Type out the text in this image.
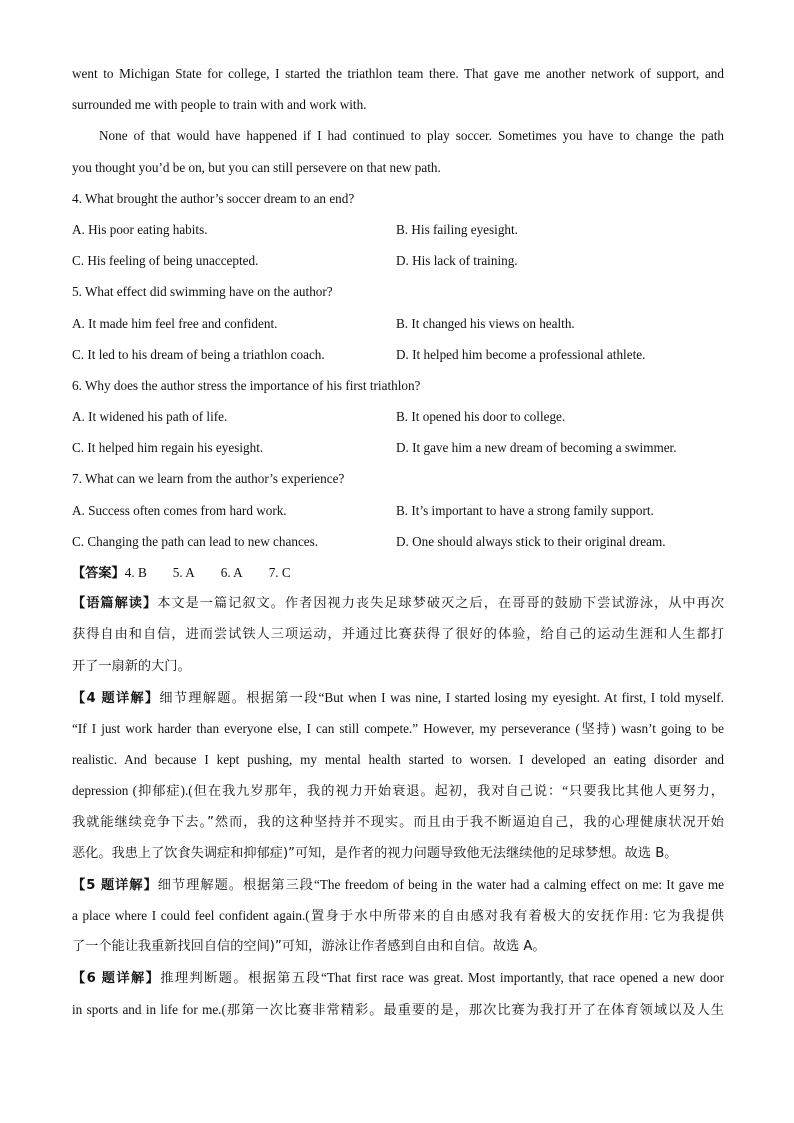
went to Michigan State for college, I started the triathlon team there. That gave me another network of support, and
surrounded me with people to train with and work with.
None of that would have happened if I had continued to play soccer. Sometimes you have to change the path
you thought you’d be on, but you can still persevere on that new path.
4. What brought the author’s soccer dream to an end?
A. His poor eating habits.	B. His failing eyesight.
C. His feeling of being unaccepted.	D. His lack of training.
5. What effect did swimming have on the author?
A. It made him feel free and confident.	B. It changed his views on health.
C. It led to his dream of being a triathlon coach.	D. It helped him become a professional athlete.
6. Why does the author stress the importance of his first triathlon?
A. It widened his path of life.	B. It opened his door to college.
C. It helped him regain his eyesight.	D. It gave him a new dream of becoming a swimmer.
7. What can we learn from the author’s experience?
A. Success often comes from hard work.	B. It’s important to have a strong family support.
C. Changing the path can lead to new chances.	D. One should always stick to their original dream.
【答案】4. B 5. A 6. A 7. C
【语篇解读】本文是一篇记叙文。作者因视力丧失足球梦破灭之后，在哥哥的鼓励下尝试游泳，从中再次
获得自由和自信，进而尝试铁人三项运动，并通过比赛获得了很好的体验，给自己的运动生涯和人生都打
开了一扇新的大门。
【4 题详解】细节理解题。根据第一段“But when I was nine, I started losing my eyesight. At first, I told myself.
“If I just work harder than everyone else, I can still compete.” However, my perseverance (坚持) wasn’t going to be
realistic. And because I kept pushing, my mental health started to worsen. I developed an eating disorder and
depression (抑郁症).(但在我九岁那年，我的视力开始衰退。起初，我对自己说：“只要我比其他人更努力，
我就能继续竞争下去。”然而，我的这种坚持并不现实。而且由于我不断逼迫自己，我的心理健康状况开始
恶化。我患上了饮食失调症和抑郁症)”可知，是作者的视力问题导致他无法继续他的足球梦想。故选 B。
【5 题详解】细节理解题。根据第三段“The freedom of being in the water had a calming effect on me: It gave me
a place where I could feel confident again.(置身于水中所带来的自由感对我有着极大的安抚作用: 它为我提供
了一个能让我重新找回自信的空间)”可知，游泳让作者感到自由和自信。故选 A。
【6 题详解】推理判断题。根据第五段“That first race was great. Most importantly, that race opened a new door
in sports and in life for me.(那第一次比赛非常精彩。最重要的是，那次比赛为我打开了在体育领域以及人生
